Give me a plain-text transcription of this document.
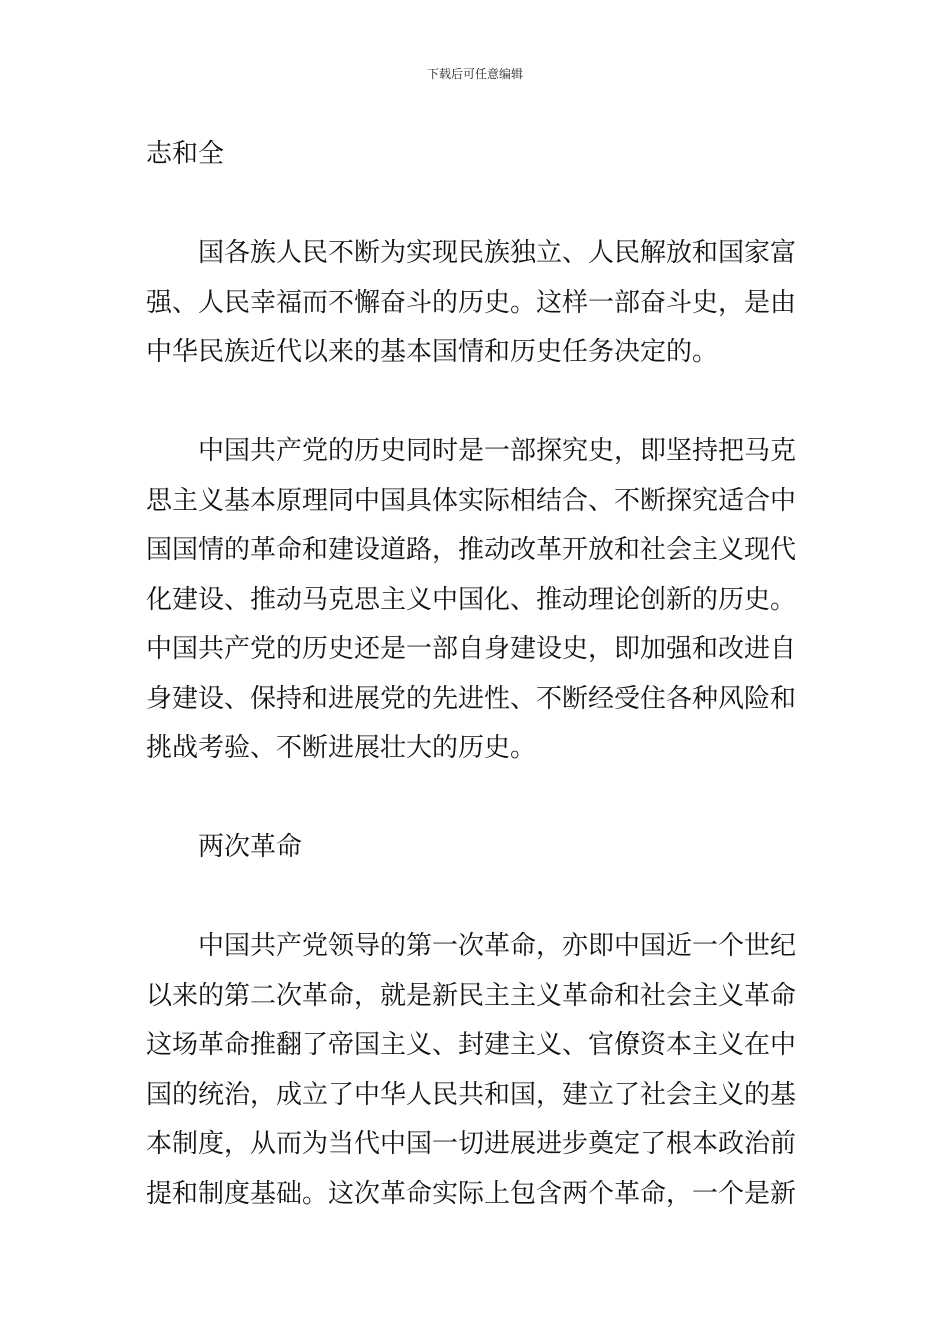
下载后可任意编辑
志和全
国各族人民不断为实现民族独立、人民解放和国家富
强、人民幸福而不懈奋斗的历史。这样一部奋斗史，是由
中华民族近代以来的基本国情和历史任务决定的。
中国共产党的历史同时是一部探究史，即坚持把马克
思主义基本原理同中国具体实际相结合、不断探究适合中
国国情的革命和建设道路，推动改革开放和社会主义现代
化建设、推动马克思主义中国化、推动理论创新的历史。
中国共产党的历史还是一部自身建设史，即加强和改进自
身建设、保持和进展党的先进性、不断经受住各种风险和
挑战考验、不断进展壮大的历史。
两次革命
中国共产党领导的第一次革命，亦即中国近一个世纪
以来的第二次革命，就是新民主主义革命和社会主义革命
这场革命推翻了帝国主义、封建主义、官僚资本主义在中
国的统治，成立了中华人民共和国，建立了社会主义的基
本制度，从而为当代中国一切进展进步奠定了根本政治前
提和制度基础。这次革命实际上包含两个革命，一个是新
